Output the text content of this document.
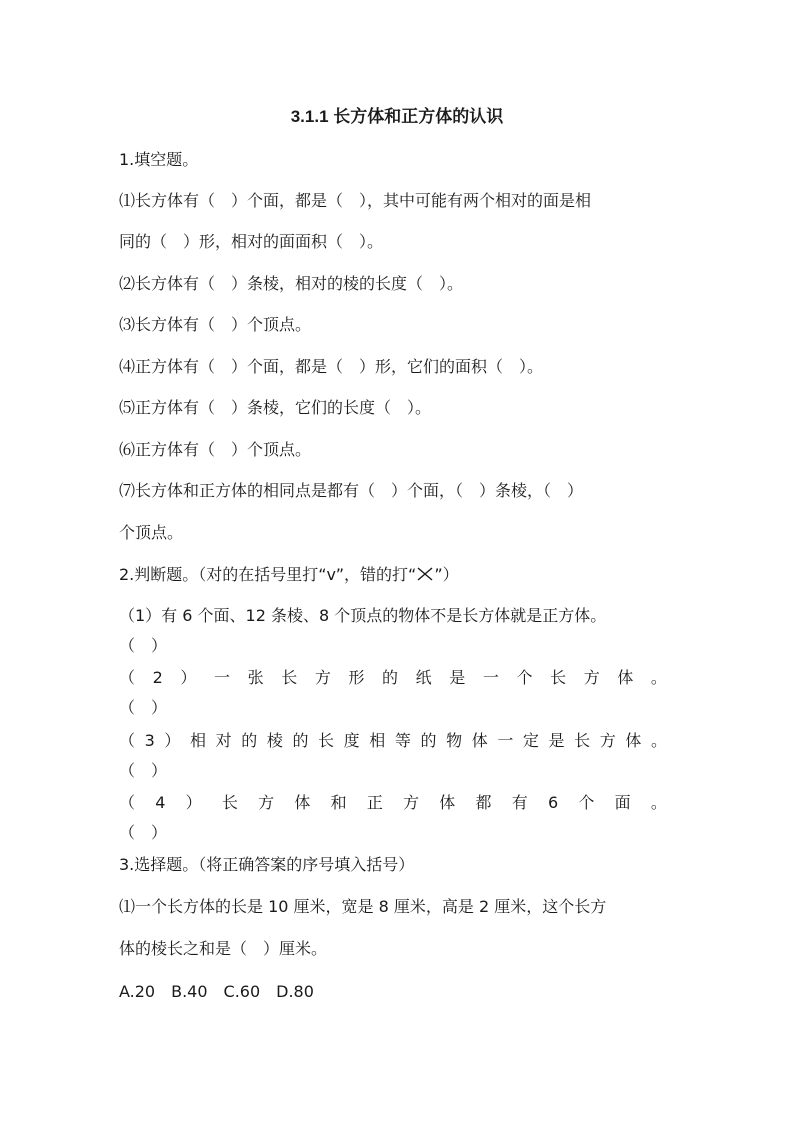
3.1.1 长方体和正方体的认识

1.填空题。

⑴长方体有（　）个面，都是（　），其中可能有两个相对的面是相

同的（　）形，相对的面面积（　）。

⑵长方体有（　）条棱，相对的棱的长度（　）。

⑶长方体有（　）个顶点。

⑷正方体有（　）个面，都是（　）形，它们的面积（　）。

⑸正方体有（　）条棱，它们的长度（　）。

⑹正方体有（　）个顶点。

⑺长方体和正方体的相同点是都有（　）个面，（　）条棱，（　）

个顶点。

2.判断题。（对的在括号里打“v”，错的打“ ”）

（1）有 6 个面、12 条棱、8 个顶点的物体不是长方体就是正方体。

（　）

（ 2 ） 一 张 长 方 形 的 纸 是 一 个 长 方 体 。

（　）

（ 3 ） 相 对 的 棱 的 长 度 相 等 的 物 体 一 定 是 长 方 体 。

（　）

（ 4 ） 长 方 体 和 正 方 体 都 有 6 个 面 。

（　）

3.选择题。（将正确答案的序号填入括号）

⑴一个长方体的长是 10 厘米，宽是 8 厘米，高是 2 厘米，这个长方

体的棱长之和是（　）厘米。

A.20　B.40　C.60　D.80
